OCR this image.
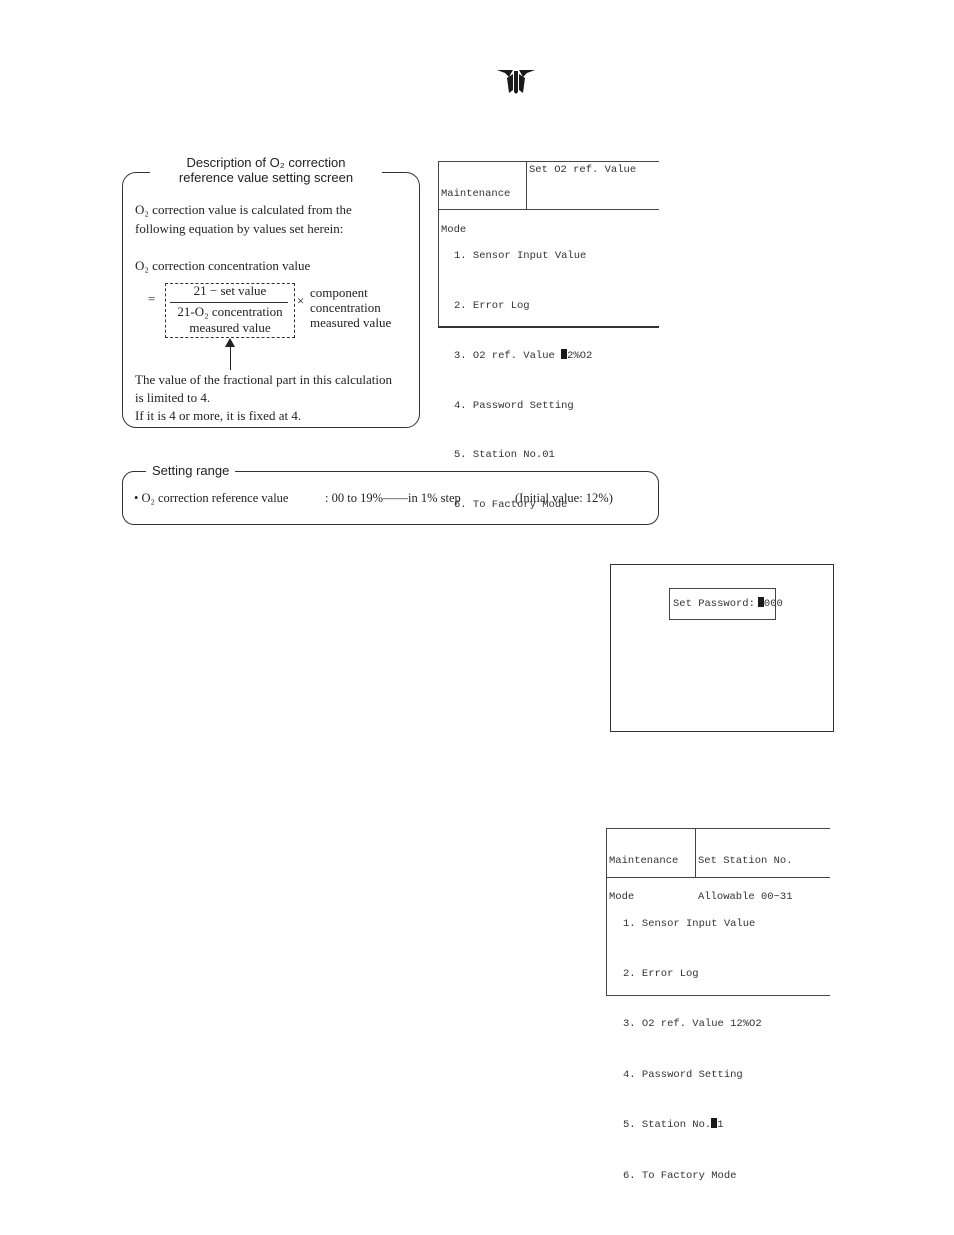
Description of O₂ correction
reference value setting screen
O₂ correction value is calculated from the
following equation by values set herein:
O₂ correction concentration value
=
21 − set value
21-O₂ concentration
measured value
×
component
concentration
measured value
The value of the fractional part in this calculation
is limited to 4.
If it is 4 or more, it is fixed at 4.

Maintenance

Mode

Set O2 ref. Value

1. Sensor Input Value

2. Error Log

3. O2 ref. Value 2%O2

4. Password Setting

5. Station No.01

6. To Factory Mode

Setting range
• O₂ correction reference value	: 00 to 19%——in 1% step	(Initial value: 12%)
Set Password: 000

Maintenance

Mode

Set Station No.

Allowable 00~31

1. Sensor Input Value

2. Error Log

3. O2 ref. Value 12%O2

4. Password Setting

5. Station No. 1

6. To Factory Mode
